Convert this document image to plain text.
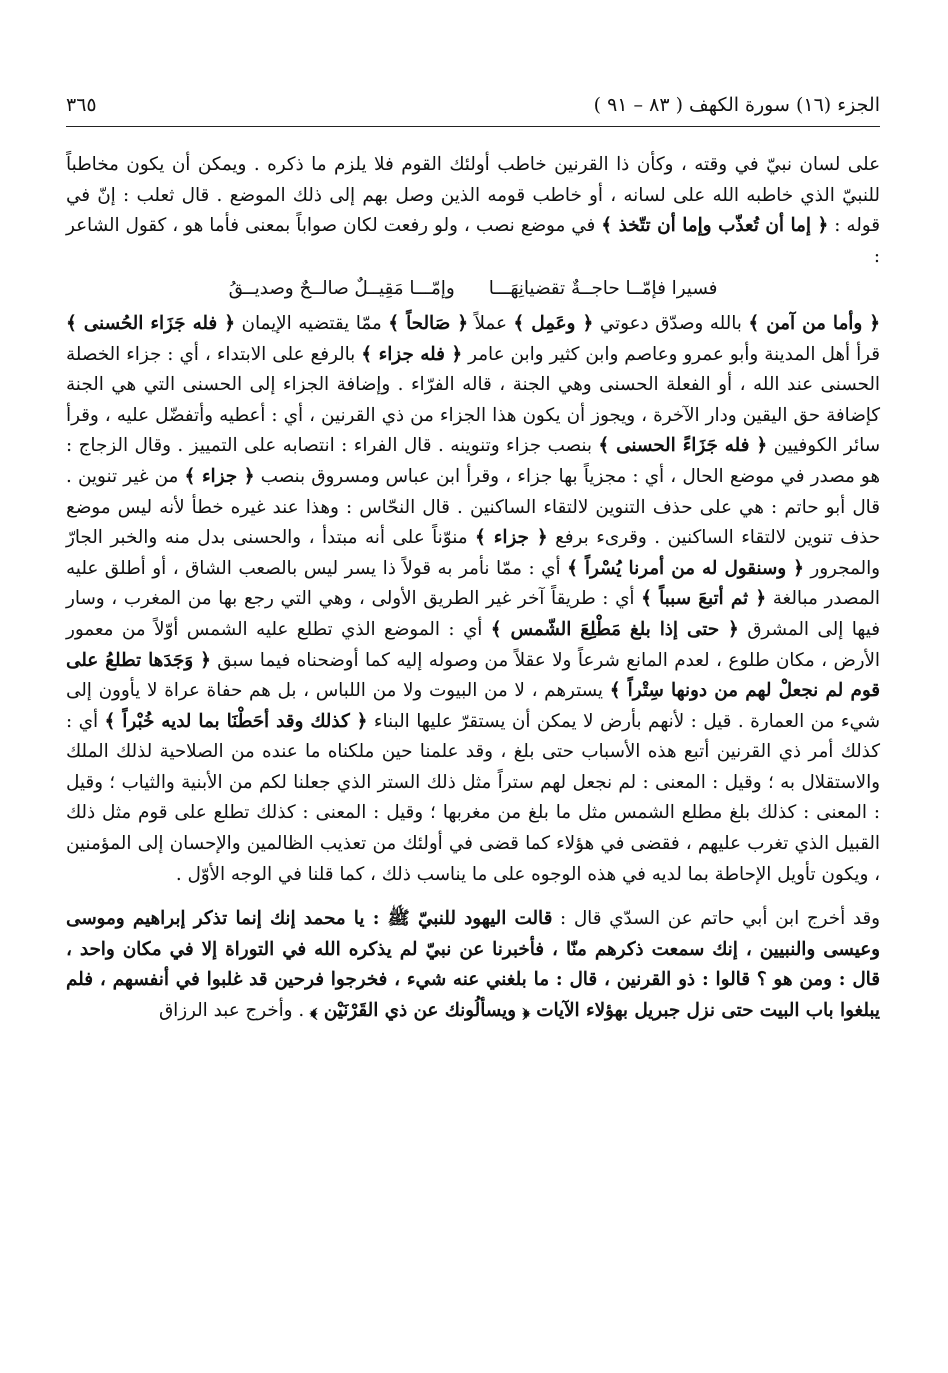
الجزء (١٦) سورة الكهف ( ٨٣ – ٩١ )
٣٦٥

على لسان نبيّ في وقته ، وكأن ذا القرنين خاطب أولئك القوم فلا يلزم ما ذكره . ويمكن أن يكون مخاطباً للنبيّ الذي خاطبه الله على لسانه ، أو خاطب قومه الذين وصل بهم إلى ذلك الموضع . قال ثعلب : إنّ في قوله : ﴿ إما أن تُعذّب وإما أن تتّخذ ﴾ في موضع نصب ، ولو رفعت لكان صواباً بمعنى فأما هو ، كقول الشاعر :

فسيرا فإمّــا حاجــةٌ تقضيانِهَـــا
وإمّـــا مَقِيــلٌ صالــحٌ وصديــقُ

﴿ وأما من آمن ﴾ بالله وصدّق دعوتي ﴿ وعَمِل ﴾ عملاً ﴿ صَالحاً ﴾ ممّا يقتضيه الإيمان ﴿ فله جَزَاء الحُسنى ﴾ قرأ أهل المدينة وأبو عمرو وعاصم وابن كثير وابن عامر ﴿ فله جزاء ﴾ بالرفع على الابتداء ، أي : جزاء الخصلة الحسنى عند الله ، أو الفعلة الحسنى وهي الجنة ، قاله الفرّاء . وإضافة الجزاء إلى الحسنى التي هي الجنة كإضافة حق اليقين ودار الآخرة ، ويجوز أن يكون هذا الجزاء من ذي القرنين ، أي : أعطيه وأتفضّل عليه ، وقرأ سائر الكوفيين ﴿ فله جَزَاءً الحسنى ﴾ بنصب جزاء وتنوينه . قال الفراء : انتصابه على التمييز . وقال الزجاج : هو مصدر في موضع الحال ، أي : مجزياً بها جزاء ، وقرأ ابن عباس ومسروق بنصب ﴿ جزاء ﴾ من غير تنوين . قال أبو حاتم : هي على حذف التنوين لالتقاء الساكنين . قال النحّاس : وهذا عند غيره خطأ لأنه ليس موضع حذف تنوين لالتقاء الساكنين . وقرىء برفع ﴿ جزاء ﴾ منوّناً على أنه مبتدأ ، والحسنى بدل منه والخبر الجارّ والمجرور ﴿ وسنقول له من أمرنا يُسْراً ﴾ أي : ممّا نأمر به قولاً ذا يسر ليس بالصعب الشاق ، أو أطلق عليه المصدر مبالغة ﴿ ثم أتبعَ سبباً ﴾ أي : طريقاً آخر غير الطريق الأولى ، وهي التي رجع بها من المغرب ، وسار فيها إلى المشرق ﴿ حتى إذا بلغ مَطْلِعَ الشّمس ﴾ أي : الموضع الذي تطلع عليه الشمس أوّلاً من معمور الأرض ، مكان طلوع ، لعدم المانع شرعاً ولا عقلاً من وصوله إليه كما أوضحناه فيما سبق ﴿ وَجَدَها تطلعُ على قوم لم نجعلْ لهم من دونها سِتْراً ﴾ يسترهم ، لا من البيوت ولا من اللباس ، بل هم حفاة عراة لا يأوون إلى شيء من العمارة . قيل : لأنهم بأرض لا يمكن أن يستقرّ عليها البناء ﴿ كذلك وقد أحَطْنَا بما لديه خُبْراً ﴾ أي : كذلك أمر ذي القرنين أتبع هذه الأسباب حتى بلغ ، وقد علمنا حين ملكناه ما عنده من الصلاحية لذلك الملك والاستقلال به ؛ وقيل : المعنى : لم نجعل لهم ستراً مثل ذلك الستر الذي جعلنا لكم من الأبنية والثياب ؛ وقيل : المعنى : كذلك بلغ مطلع الشمس مثل ما بلغ من مغربها ؛ وقيل : المعنى : كذلك تطلع على قوم مثل ذلك القبيل الذي تغرب عليهم ، فقضى في هؤلاء كما قضى في أولئك من تعذيب الظالمين والإحسان إلى المؤمنين ، ويكون تأويل الإحاطة بما لديه في هذه الوجوه على ما يناسب ذلك ، كما قلنا في الوجه الأوّل .

وقد أخرج ابن أبي حاتم عن السدّي قال : قالت اليهود للنبيّ ﷺ : يا محمد إنك إنما تذكر إبراهيم وموسى وعيسى والنبيين ، إنك سمعت ذكرهم منّا ، فأخبرنا عن نبيّ لم يذكره الله في التوراة إلا في مكان واحد ، قال : ومن هو ؟ قالوا : ذو القرنين ، قال : ما بلغني عنه شيء ، فخرجوا فرحين قد غلبوا في أنفسهم ، فلم يبلغوا باب البيت حتى نزل جبريل بهؤلاء الآيات ﴿ ويسألُونك عن ذي القَرْنَيْن ﴾ . وأخرج عبد الرزاق
